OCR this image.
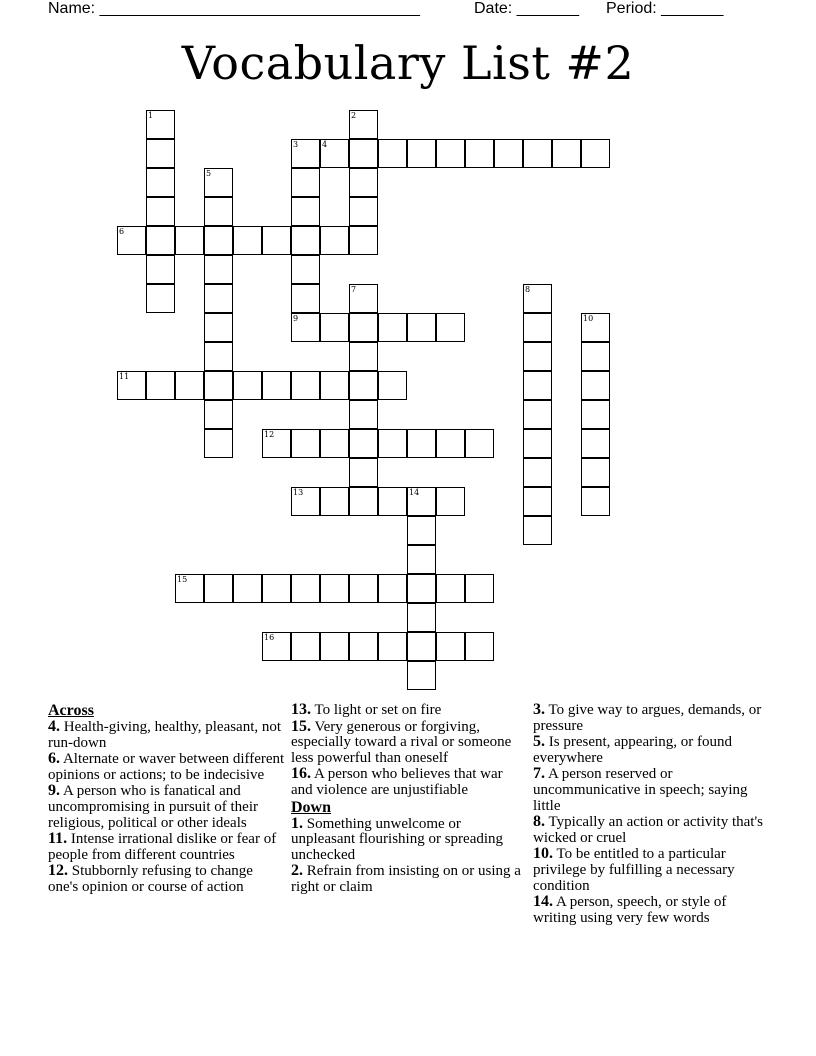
Name: ____________________________________	Date: _______ Period: _______
Vocabulary List #2
1	2
3	4
5
6
7	8
9	10
11
12
13	14
15
16
Across
4. Health-giving, healthy, pleasant, not run-down
6. Alternate or waver between different opinions or actions; to be indecisive
9. A person who is fanatical and uncompromising in pursuit of their religious, political or other ideals
11. Intense irrational dislike or fear of people from different countries
12. Stubbornly refusing to change one's opinion or course of action
13. To light or set on fire
15. Very generous or forgiving, especially toward a rival or someone less powerful than oneself
16. A person who believes that war and violence are unjustifiable
Down
1. Something unwelcome or unpleasant flourishing or spreading unchecked
2. Refrain from insisting on or using a right or claim
3. To give way to argues, demands, or pressure
5. Is present, appearing, or found everywhere
7. A person reserved or uncommunicative in speech; saying little
8. Typically an action or activity that's wicked or cruel
10. To be entitled to a particular privilege by fulfilling a necessary condition
14. A person, speech, or style of writing using very few words
